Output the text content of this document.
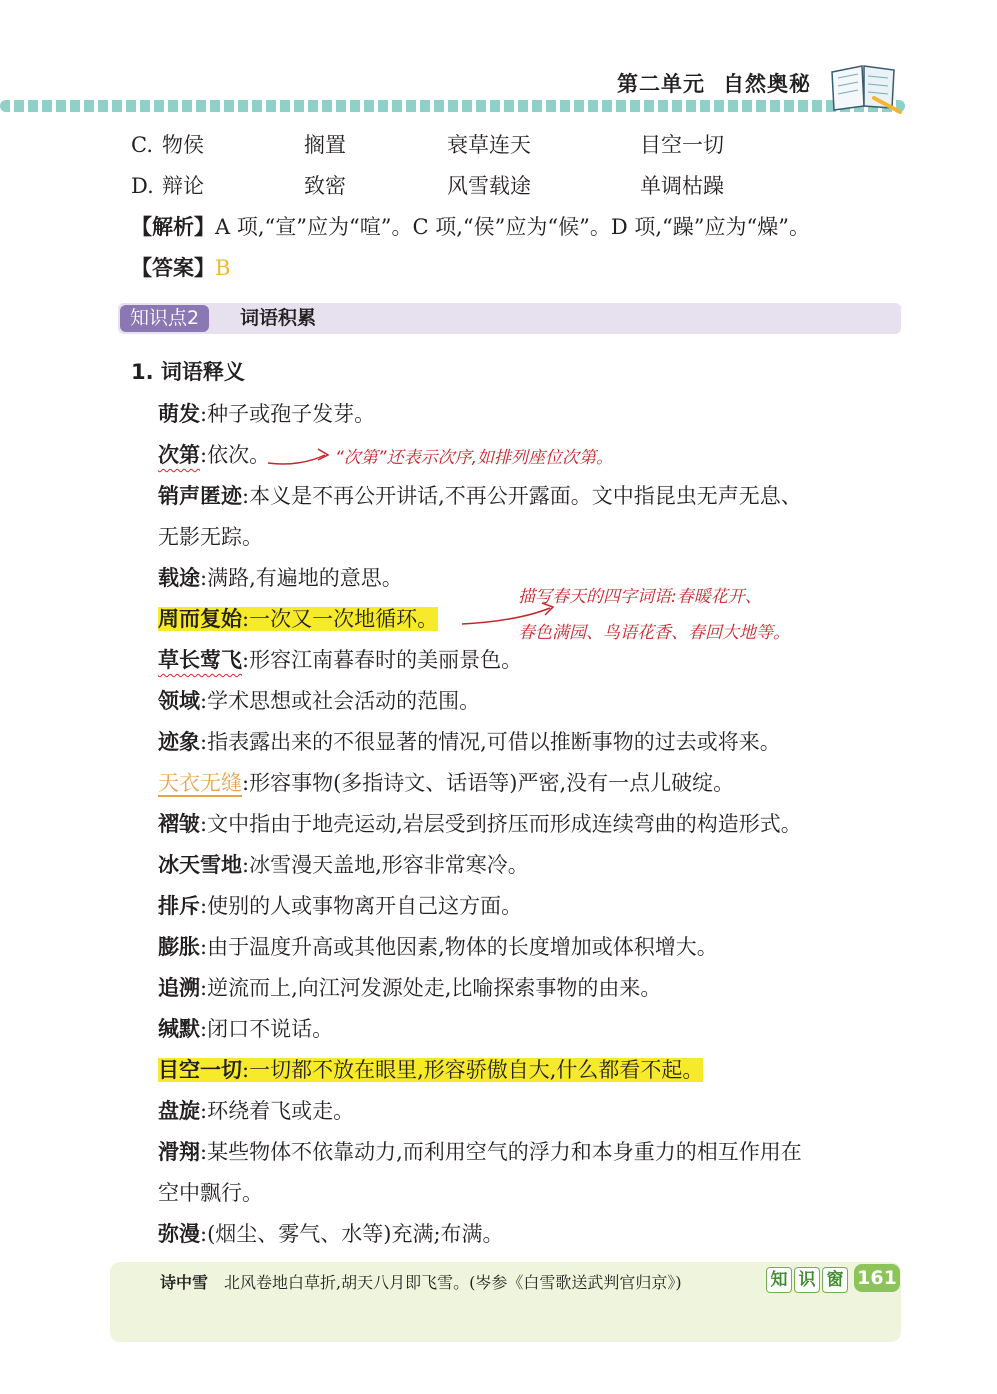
第二单元 自然奥秘
C. 物侯	搁置	衰草连天	目空一切
D. 辩论	致密	风雪载途	单调枯躁
【解析】A 项,“宣”应为“喧”。C 项,“侯”应为“候”。D 项,“躁”应为“燥”。
【答案】B
知识点2	词语积累
1. 词语释义
萌发:种子或孢子发芽。
次第:依次。
销声匿迹:本义是不再公开讲话,不再公开露面。文中指昆虫无声无息、
无影无踪。
载途:满路,有遍地的意思。
周而复始:一次又一次地循环。
草长莺飞:形容江南暮春时的美丽景色。
领域:学术思想或社会活动的范围。
迹象:指表露出来的不很显著的情况,可借以推断事物的过去或将来。
天衣无缝:形容事物(多指诗文、话语等)严密,没有一点儿破绽。
褶皱:文中指由于地壳运动,岩层受到挤压而形成连续弯曲的构造形式。
冰天雪地:冰雪漫天盖地,形容非常寒冷。
排斥:使别的人或事物离开自己这方面。
膨胀:由于温度升高或其他因素,物体的长度增加或体积增大。
追溯:逆流而上,向江河发源处走,比喻探索事物的由来。
缄默:闭口不说话。
目空一切:一切都不放在眼里,形容骄傲自大,什么都看不起。
盘旋:环绕着飞或走。
滑翔:某些物体不依靠动力,而利用空气的浮力和本身重力的相互作用在
空中飘行。
弥漫:(烟尘、雾气、水等)充满;布满。
“次第”还表示次序,如排列座位次第。
描写春天的四字词语:春暖花开、
春色满园、鸟语花香、春回大地等。
诗中雪 北风卷地白草折,胡天八月即飞雪。(岑参《白雪歌送武判官归京》)	知 识 窗 161
